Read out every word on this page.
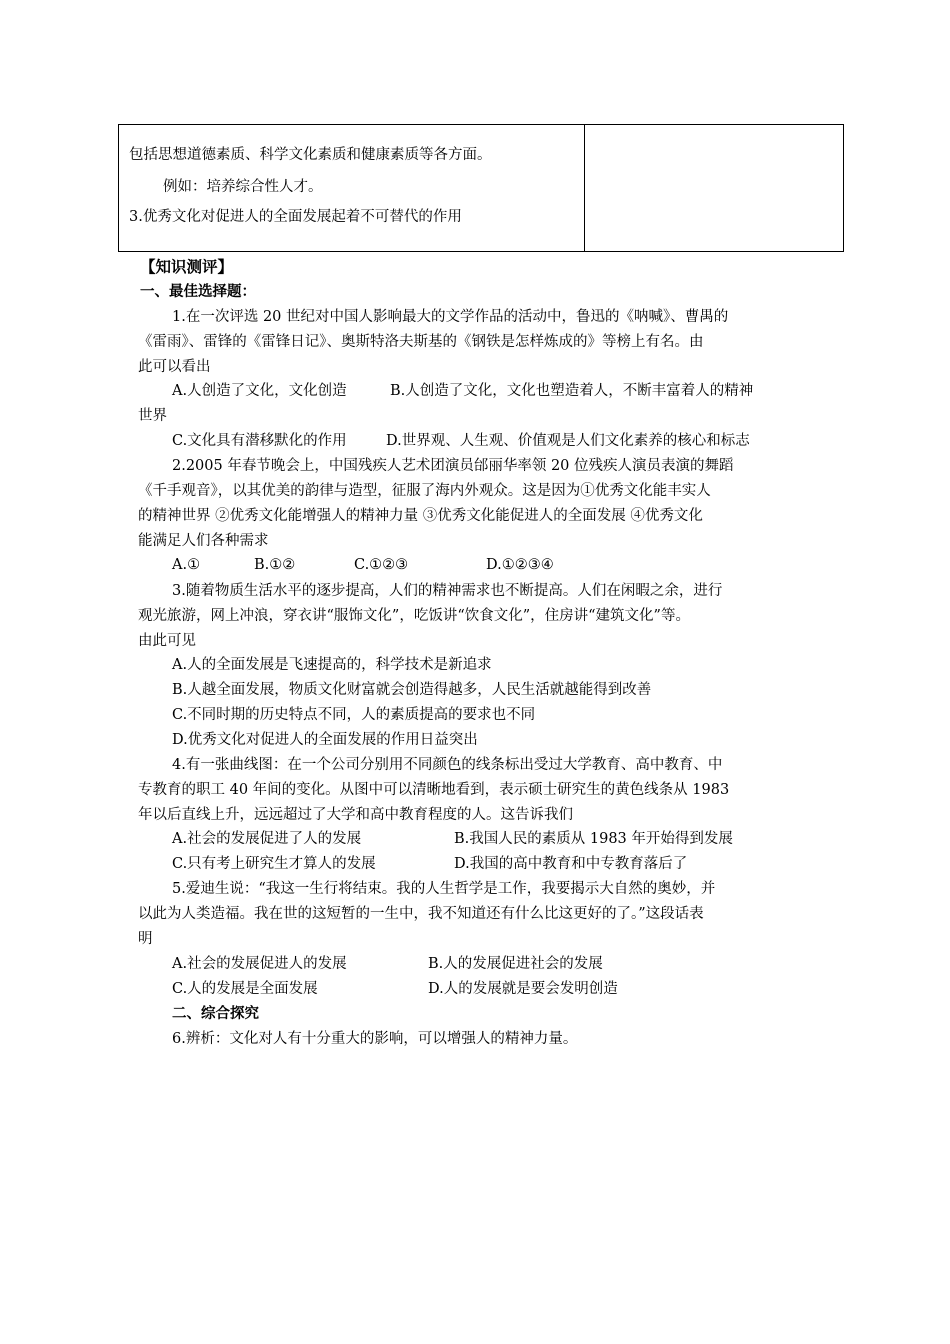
包括思想道德素质、科学文化素质和健康素质等各方面。
例如：培养综合性人才。
3.优秀文化对促进人的全面发展起着不可替代的作用
【知识测评】
一、最佳选择题：
1.在一次评选 20 世纪对中国人影响最大的文学作品的活动中，鲁迅的《呐喊》、曹禺的
《雷雨》、雷锋的《雷锋日记》、奥斯特洛夫斯基的《钢铁是怎样炼成的》等榜上有名。由
此可以看出
A.人创造了文化，文化创造	B.人创造了文化，文化也塑造着人，不断丰富着人的精神
世界
C.文化具有潜移默化的作用	D.世界观、人生观、价值观是人们文化素养的核心和标志
2.2005 年春节晚会上，中国残疾人艺术团演员邰丽华率领 20 位残疾人演员表演的舞蹈
《千手观音》，以其优美的韵律与造型，征服了海内外观众。这是因为①优秀文化能丰实人
的精神世界 ②优秀文化能增强人的精神力量 ③优秀文化能促进人的全面发展 ④优秀文化
能满足人们各种需求
A.①	B.①②	C.①②③	D.①②③④
3.随着物质生活水平的逐步提高，人们的精神需求也不断提高。人们在闲暇之余，进行
观光旅游，网上冲浪，穿衣讲“服饰文化”，吃饭讲“饮食文化”，住房讲“建筑文化”等。
由此可见
A.人的全面发展是飞速提高的，科学技术是新追求
B.人越全面发展，物质文化财富就会创造得越多，人民生活就越能得到改善
C.不同时期的历史特点不同，人的素质提高的要求也不同
D.优秀文化对促进人的全面发展的作用日益突出
4.有一张曲线图：在一个公司分别用不同颜色的线条标出受过大学教育、高中教育、中
专教育的职工 40 年间的变化。从图中可以清晰地看到，表示硕士研究生的黄色线条从 1983
年以后直线上升，远远超过了大学和高中教育程度的人。这告诉我们
A.社会的发展促进了人的发展	B.我国人民的素质从 1983 年开始得到发展
C.只有考上研究生才算人的发展	D.我国的高中教育和中专教育落后了
5.爱迪生说：“我这一生行将结束。我的人生哲学是工作，我要揭示大自然的奥妙，并
以此为人类造福。我在世的这短暂的一生中，我不知道还有什么比这更好的了。”这段话表
明
A.社会的发展促进人的发展	B.人的发展促进社会的发展
C.人的发展是全面发展	D.人的发展就是要会发明创造
二、综合探究
6.辨析：文化对人有十分重大的影响，可以增强人的精神力量。
